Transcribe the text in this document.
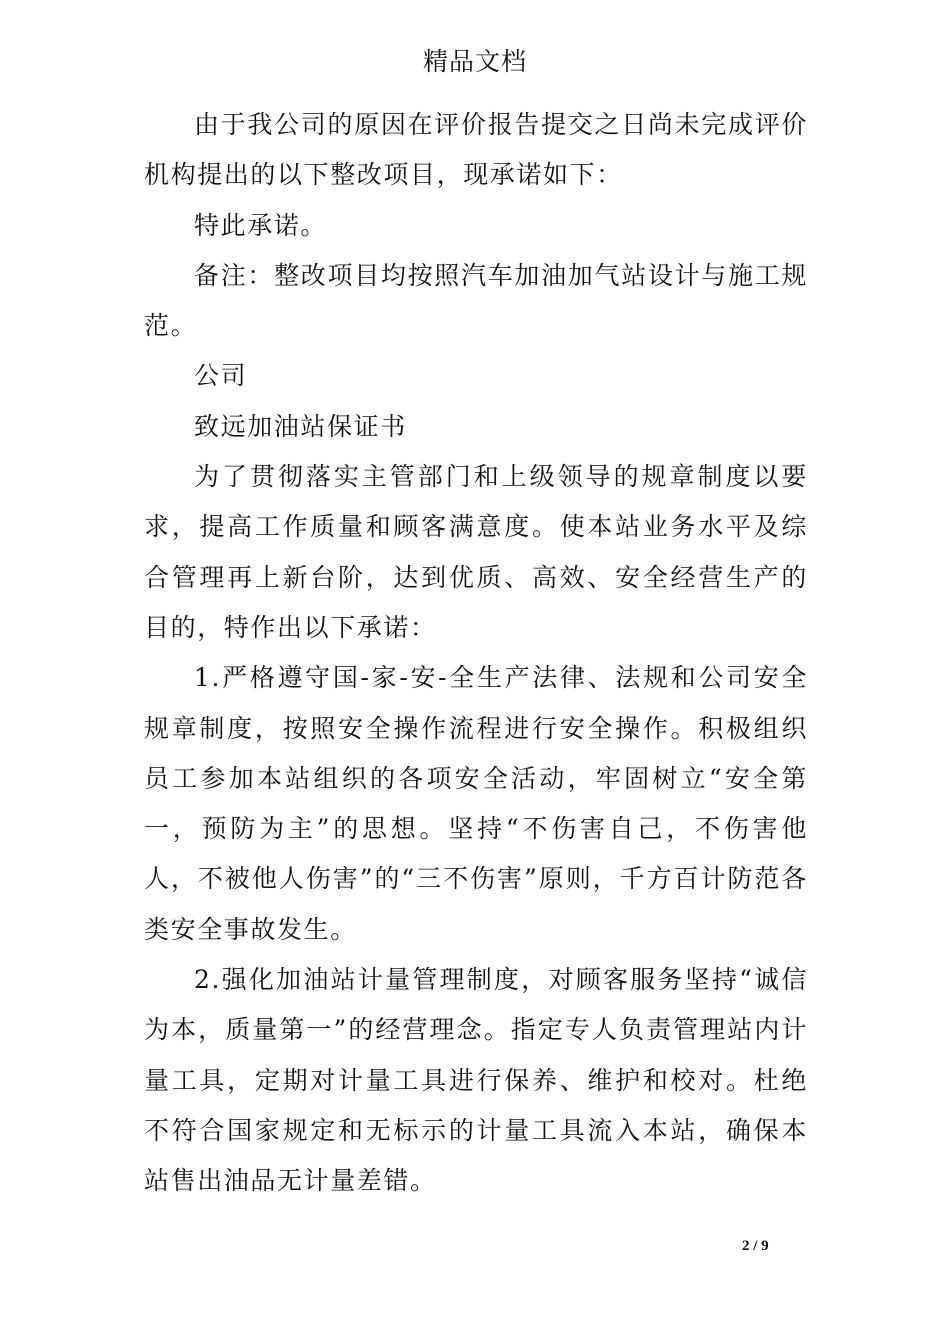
精品文档

由于我公司的原因在评价报告提交之日尚未完成评价机构提出的以下整改项目，现承诺如下：

特此承诺。

备注：整改项目均按照汽车加油加气站设计与施工规范。

公司

致远加油站保证书

为了贯彻落实主管部门和上级领导的规章制度以要求，提高工作质量和顾客满意度。使本站业务水平及综合管理再上新台阶，达到优质、高效、安全经营生产的目的，特作出以下承诺：

1.严格遵守国-家-安-全生产法律、法规和公司安全规章制度，按照安全操作流程进行安全操作。积极组织员工参加本站组织的各项安全活动，牢固树立“安全第一，预防为主”的思想。坚持“不伤害自己，不伤害他人，不被他人伤害”的“三不伤害”原则，千方百计防范各类安全事故发生。

2.强化加油站计量管理制度，对顾客服务坚持“诚信为本，质量第一”的经营理念。指定专人负责管理站内计量工具，定期对计量工具进行保养、维护和校对。杜绝不符合国家规定和无标示的计量工具流入本站，确保本站售出油品无计量差错。

2 / 9
